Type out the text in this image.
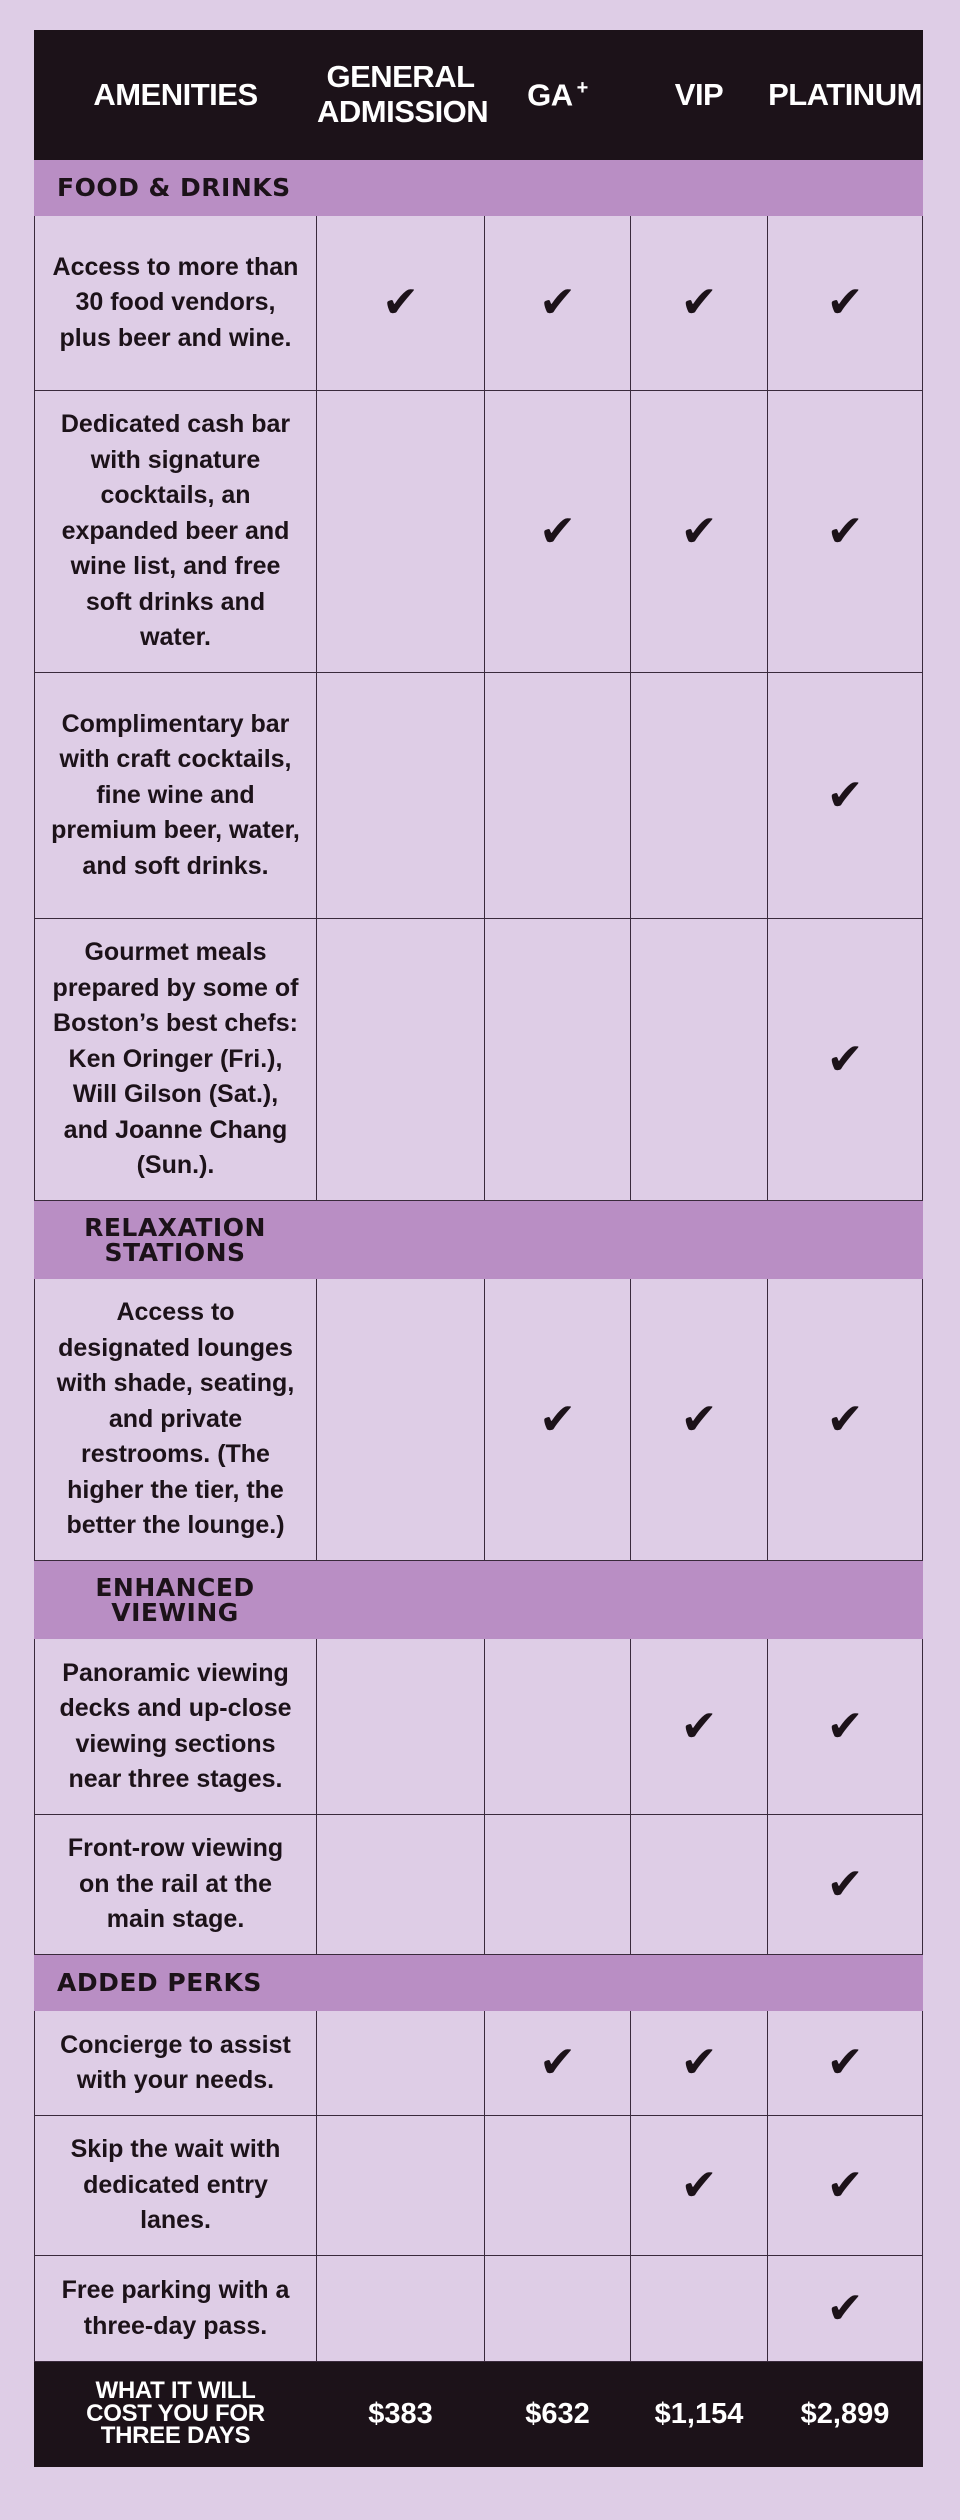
AMENITIES	GENERAL
ADMISSION	GA +	VIP	PLATINUM

FOOD & DRINKS				

Access to more than 30 food vendors, plus beer and wine.	✔	✔	✔	✔
Dedicated cash bar with signature cocktails, an expanded beer and wine list, and free soft drinks and water.		✔	✔	✔
Complimentary bar with craft cocktails, fine wine and premium beer, water, and soft drinks.				✔
Gourmet meals prepared by some of Boston’s best chefs: Ken Oringer (Fri.), Will Gilson (Sat.), and Joanne Chang (Sun.).				✔

RELAXATION
STATIONS				

Access to designated lounges with shade, seating, and private restrooms. (The higher the tier, the better the lounge.)		✔	✔	✔

ENHANCED
VIEWING				

Panoramic viewing decks and up-close viewing sections near three stages.			✔	✔
Front-row viewing on the rail at the main stage.				✔

ADDED PERKS				

Concierge to assist with your needs.		✔	✔	✔
Skip the wait with dedicated entry lanes.			✔	✔
Free parking with a three-day pass.				✔
WHAT IT WILL
COST YOU FOR
THREE DAYS	$383	$632	$1,154	$2,899
